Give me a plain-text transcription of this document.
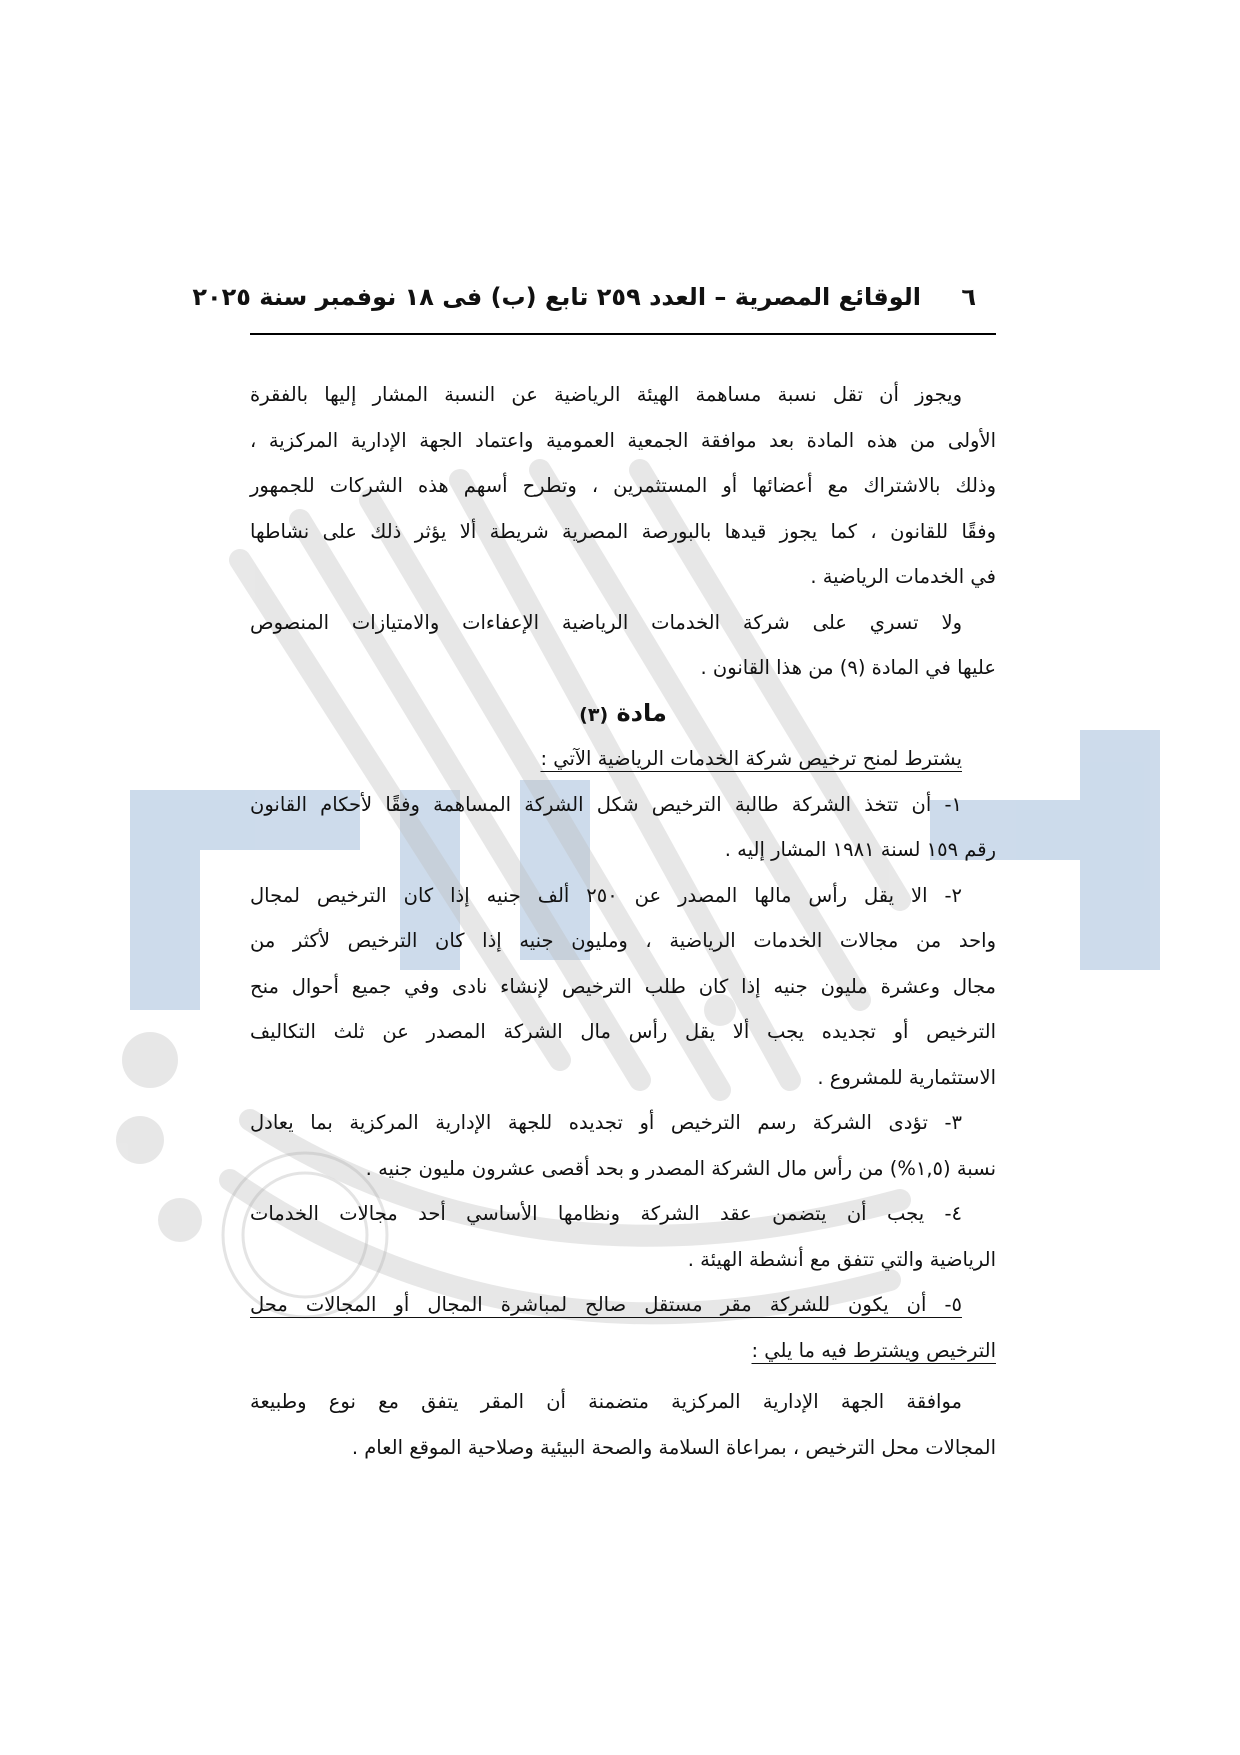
٦
الوقائع المصرية – العدد ٢٥٩ تابع (ب) فى ١٨ نوفمبر سنة ٢٠٢٥
ويجوز أن تقل نسبة مساهمة الهيئة الرياضية عن النسبة المشار إليها بالفقرة
الأولى من هذه المادة بعد موافقة الجمعية العمومية واعتماد الجهة الإدارية المركزية ،
وذلك بالاشتراك مع أعضائها أو المستثمرين ، وتطرح أسهم هذه الشركات للجمهور
وفقًا للقانون ، كما يجوز قيدها بالبورصة المصرية شريطة ألا يؤثر ذلك على نشاطها
في الخدمات الرياضية .
ولا تسري على شركة الخدمات الرياضية الإعفاءات والامتيازات المنصوص
عليها في المادة (٩) من هذا القانون .
مادة (٣)
يشترط لمنح ترخيص شركة الخدمات الرياضية الآتي :
١- أن تتخذ الشركة طالبة الترخيص شكل الشركة المساهمة وفقًا لأحكام القانون
رقم ١٥٩ لسنة ١٩٨١ المشار إليه .
٢- الا يقل رأس مالها المصدر عن ٢٥٠ ألف جنيه إذا كان الترخيص لمجال
واحد من مجالات الخدمات الرياضية ، ومليون جنيه إذا كان الترخيص لأكثر من
مجال وعشرة مليون جنيه إذا كان طلب الترخيص لإنشاء نادى وفي جميع أحوال منح
الترخيص أو تجديده يجب ألا يقل رأس مال الشركة المصدر عن ثلث التكاليف
الاستثمارية للمشروع .
٣- تؤدى الشركة رسم الترخيص أو تجديده للجهة الإدارية المركزية بما يعادل
نسبة (١,٥%) من رأس مال الشركة المصدر و بحد أقصى عشرون مليون جنيه .
٤- يجب أن يتضمن عقد الشركة ونظامها الأساسي أحد مجالات الخدمات
الرياضية والتي تتفق مع أنشطة الهيئة .
٥- أن يكون للشركة مقر مستقل صالح لمباشرة المجال أو المجالات محل
الترخيص ويشترط فيه ما يلي :
موافقة الجهة الإدارية المركزية متضمنة أن المقر يتفق مع نوع وطبيعة
المجالات محل الترخيص ، بمراعاة السلامة والصحة البيئية وصلاحية الموقع العام .
